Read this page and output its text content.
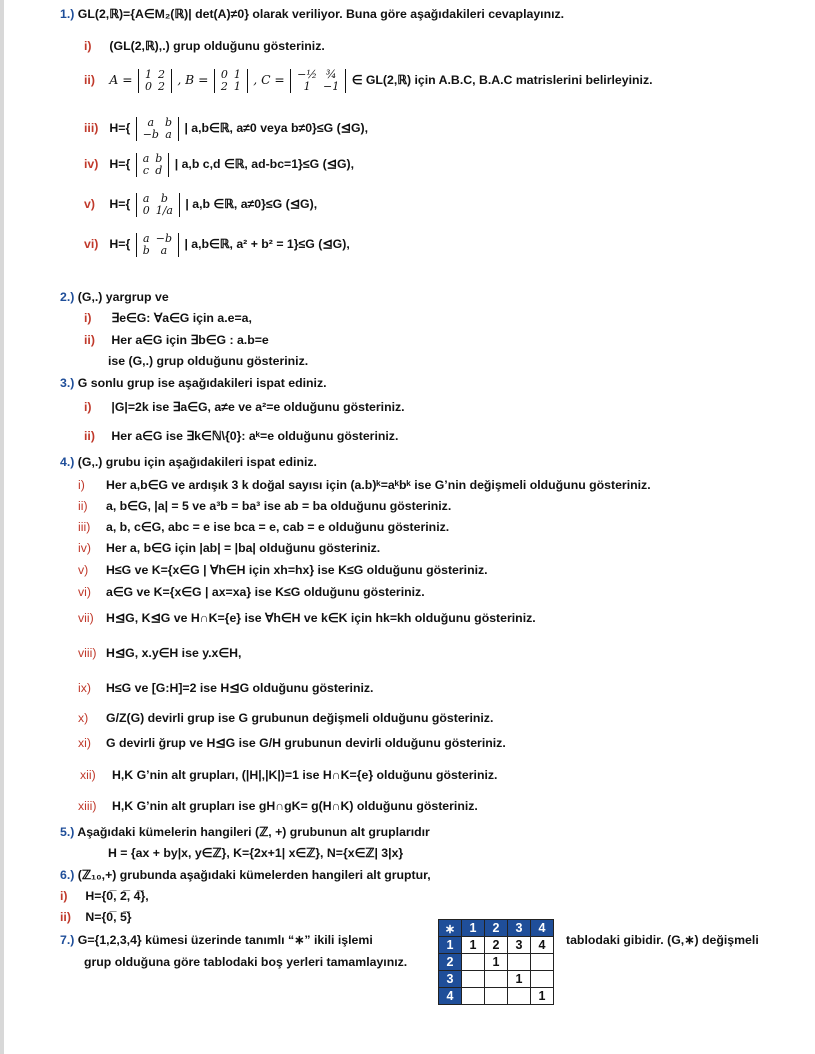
1.) GL(2,ℝ)={A∈M₂(ℝ)| det(A)≠0} olarak veriliyor. Buna göre aşağıdakileri cevaplayınız.
i) (GL(2,ℝ),.) grup olduğunu gösteriniz.
ii) A = 1	2
0	2 , B = 0	1
2	1 , C = −½	¾
1	−1 ∈ GL(2,ℝ) için A.B.C, B.A.C matrislerini belirleyiniz.
iii) H={ a	b
−b	a | a,b∈ℝ, a≠0 veya b≠0}≤G (⊴G),
iv) H={ a	b
c	d | a,b c,d ∈ℝ, ad-bc=1}≤G (⊴G),
v) H={ a	b
0	1/a | a,b ∈ℝ, a≠0}≤G (⊴G),
vi) H={ a	−b
b	a | a,b∈ℝ, a² + b² = 1}≤G (⊴G),
2.) (G,.) yargrup ve
i) ∃e∈G: ∀a∈G için a.e=a,
ii) Her a∈G için ∃b∈G : a.b=e
ise (G,.) grup olduğunu gösteriniz.
3.) G sonlu grup ise aşağıdakileri ispat ediniz.
i) |G|=2k ise ∃a∈G, a≠e ve a²=e olduğunu gösteriniz.
ii) Her a∈G ise ∃k∈ℕ\{0}: aᵏ=e olduğunu gösteriniz.
4.) (G,.) grubu için aşağıdakileri ispat ediniz.
i) Her a,b∈G ve ardışık 3 k doğal sayısı için (a.b)ᵏ=aᵏbᵏ ise G’nin değişmeli olduğunu gösteriniz.
ii) a, b∈G, |a| = 5 ve a³b = ba³ ise ab = ba olduğunu gösteriniz.
iii) a, b, c∈G, abc = e ise bca = e, cab = e olduğunu gösteriniz.
iv) Her a, b∈G için |ab| = |ba| olduğunu gösteriniz.
v) H≤G ve K={x∈G | ∀h∈H için xh=hx} ise K≤G olduğunu gösteriniz.
vi) a∈G ve K={x∈G | ax=xa} ise K≤G olduğunu gösteriniz.
vii) H⊴G, K⊴G ve H∩K={e} ise ∀h∈H ve k∈K için hk=kh olduğunu gösteriniz.
viii) H⊴G, x.y∈H ise y.x∈H,
ix) H≤G ve [G:H]=2 ise H⊴G olduğunu gösteriniz.
x) G/Z(G) devirli grup ise G grubunun değişmeli olduğunu gösteriniz.
xi) G devirli ğrup ve H⊴G ise G/H grubunun devirli olduğunu gösteriniz.
xii) H,K G’nin alt grupları, (|H|,|K|)=1 ise H∩K={e} olduğunu gösteriniz.
xiii) H,K G’nin alt grupları ise gH∩gK= g(H∩K) olduğunu gösteriniz.
5.) Aşağıdaki kümelerin hangileri (ℤ, +) grubunun alt gruplarıdır
H = {ax + by|x, y∈ℤ}, K={2x+1| x∈ℤ}, N={x∈ℤ| 3|x}
6.) (ℤ₁₀,+) grubunda aşağıdaki kümelerden hangileri alt gruptur,
i) H={0̅, 2̅, 4̅},
ii) N={0̅, 5̅}
7.) G={1,2,3,4} kümesi üzerinde tanımlı “∗” ikili işlemi
grup olduğuna göre tablodaki boş yerleri tamamlayınız.
tablodaki gibidir. (G,∗) değişmeli
∗	1	2	3	4
1	1	2	3	4
2		1		
3			1	
4				1
